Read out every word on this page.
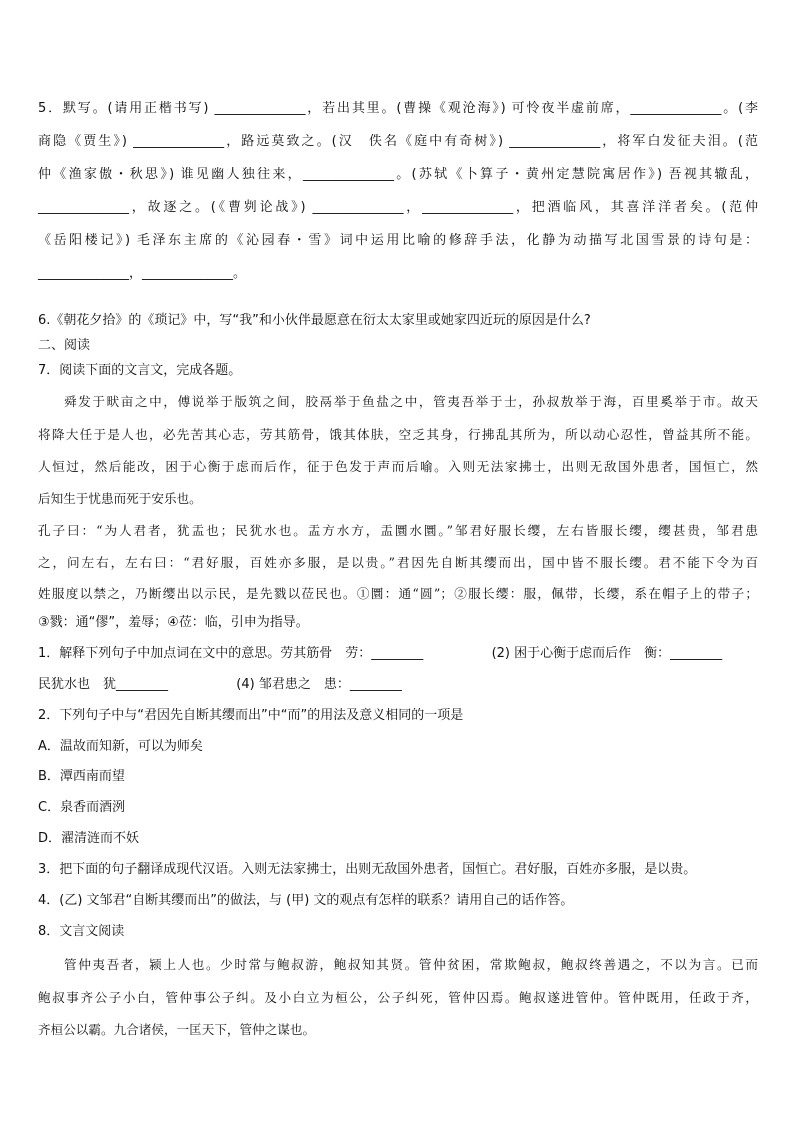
5．默写。(请用正楷书写) ______________，若出其里。(曹操《观沧海》) 可怜夜半虚前席，______________。(李
商隐《贾生》) ______________，路远莫致之。(汉　佚名《庭中有奇树》) ______________，将军白发征夫泪。(范
仲《渔家傲・秋思》) 谁见幽人独往来，______________。(苏轼《卜算子・黄州定慧院寓居作》) 吾视其辙乱，
______________，故逐之。(《曹刿论战》) ______________，______________，把酒临风，其喜洋洋者矣。(范仲
《岳阳楼记》) 毛泽东主席的《沁园春・雪》词中运用比喻的修辞手法，化静为动描写北国雪景的诗句是：
______________，______________。
6.《朝花夕拾》的《琐记》中，写“我”和小伙伴最愿意在衍太太家里或她家四近玩的原因是什么?
二、阅读
7．阅读下面的文言文，完成各题。
舜发于畎亩之中，傅说举于版筑之间，胶鬲举于鱼盐之中，管夷吾举于士，孙叔敖举于海，百里奚举于市。故天
将降大任于是人也，必先苦其心志，劳其筋骨，饿其体肤，空乏其身，行拂乱其所为，所以动心忍性，曾益其所不能。
人恒过，然后能改，困于心衡于虑而后作，征于色发于声而后喻。入则无法家拂士，出则无敌国外患者，国恒亡，然
后知生于忧患而死于安乐也。
孔子曰：“为人君者，犹盂也；民犹水也。盂方水方，盂圜水圜。”邹君好服长缨，左右皆服长缨，缨甚贵，邹君患
之，问左右，左右曰：“君好服，百姓亦多服，是以贵。”君因先自断其缨而出，国中皆不服长缨。君不能下令为百
姓服度以禁之，乃断缨出以示民，是先戮以莅民也。①圜：通“圆”；②服长缨：服，佩带，长缨，系在帽子上的带子；
③戮：通“僇”，羞辱；④莅：临，引申为指导。
1．解释下列句子中加点词在文中的意思。劳其筋骨　劳：________	(2) 困于心衡于虑而后作　衡：________
民犹水也　犹________	(4) 邹君患之　患：________
2．下列句子中与“君因先自断其缨而出”中“而”的用法及意义相同的一项是
A．温故而知新，可以为师矣
B．潭西南而望
C．泉香而酒洌
D．濯清涟而不妖
3．把下面的句子翻译成现代汉语。入则无法家拂士，出则无敌国外患者，国恒亡。君好服，百姓亦多服，是以贵。
4．(乙) 文邹君“自断其缨而出”的做法，与 (甲) 文的观点有怎样的联系？请用自己的话作答。
8．文言文阅读
管仲夷吾者，颍上人也。少时常与鲍叔游，鲍叔知其贤。管仲贫困，常欺鲍叔，鲍叔终善遇之，不以为言。已而
鲍叔事齐公子小白，管仲事公子纠。及小白立为桓公，公子纠死，管仲囚焉。鲍叔遂进管仲。管仲既用，任政于齐，
齐桓公以霸。九合诸侯，一匡天下，管仲之谋也。
